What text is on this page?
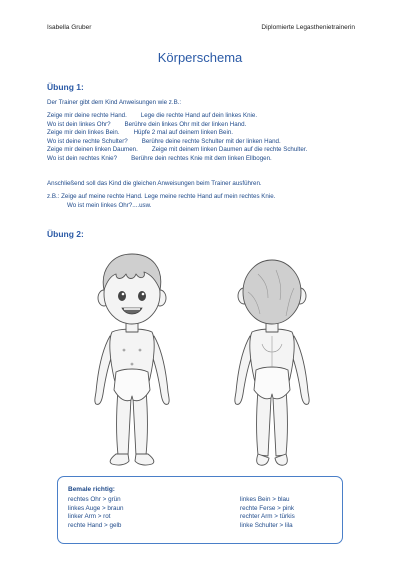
Isabella Gruber	Diplomierte Legasthenietrainerin
Körperschema
Übung 1:
Der Trainer gibt dem Kind Anweisungen wie z.B.:
Zeige mir deine rechte Hand. Lege die rechte Hand auf dein linkes Knie.
Wo ist dein linkes Ohr? Berühre dein linkes Ohr mit der linken Hand.
Zeige mir dein linkes Bein. Hüpfe 2 mal auf deinem linken Bein.
Wo ist deine rechte Schulter? Berühre deine rechte Schulter mit der linken Hand.
Zeige mir deinen linken Daumen. Zeige mit deinem linken Daumen auf die rechte Schulter.
Wo ist dein rechtes Knie? Berühre dein rechtes Knie mit dem linken Ellbogen.
Anschließend soll das Kind die gleichen Anweisungen beim Trainer ausführen.
z.B.: Zeige auf meine rechte Hand. Lege meine rechte Hand auf mein rechtes Knie.
Wo ist mein linkes Ohr?....usw.
Übung 2:
Bemale richtig:
rechtes Ohr > grün
linkes Auge > braun
linker Arm > rot
rechte Hand > gelb
linkes Bein > blau
rechte Ferse > pink
rechter Arm > türkis
linke Schulter > lila
